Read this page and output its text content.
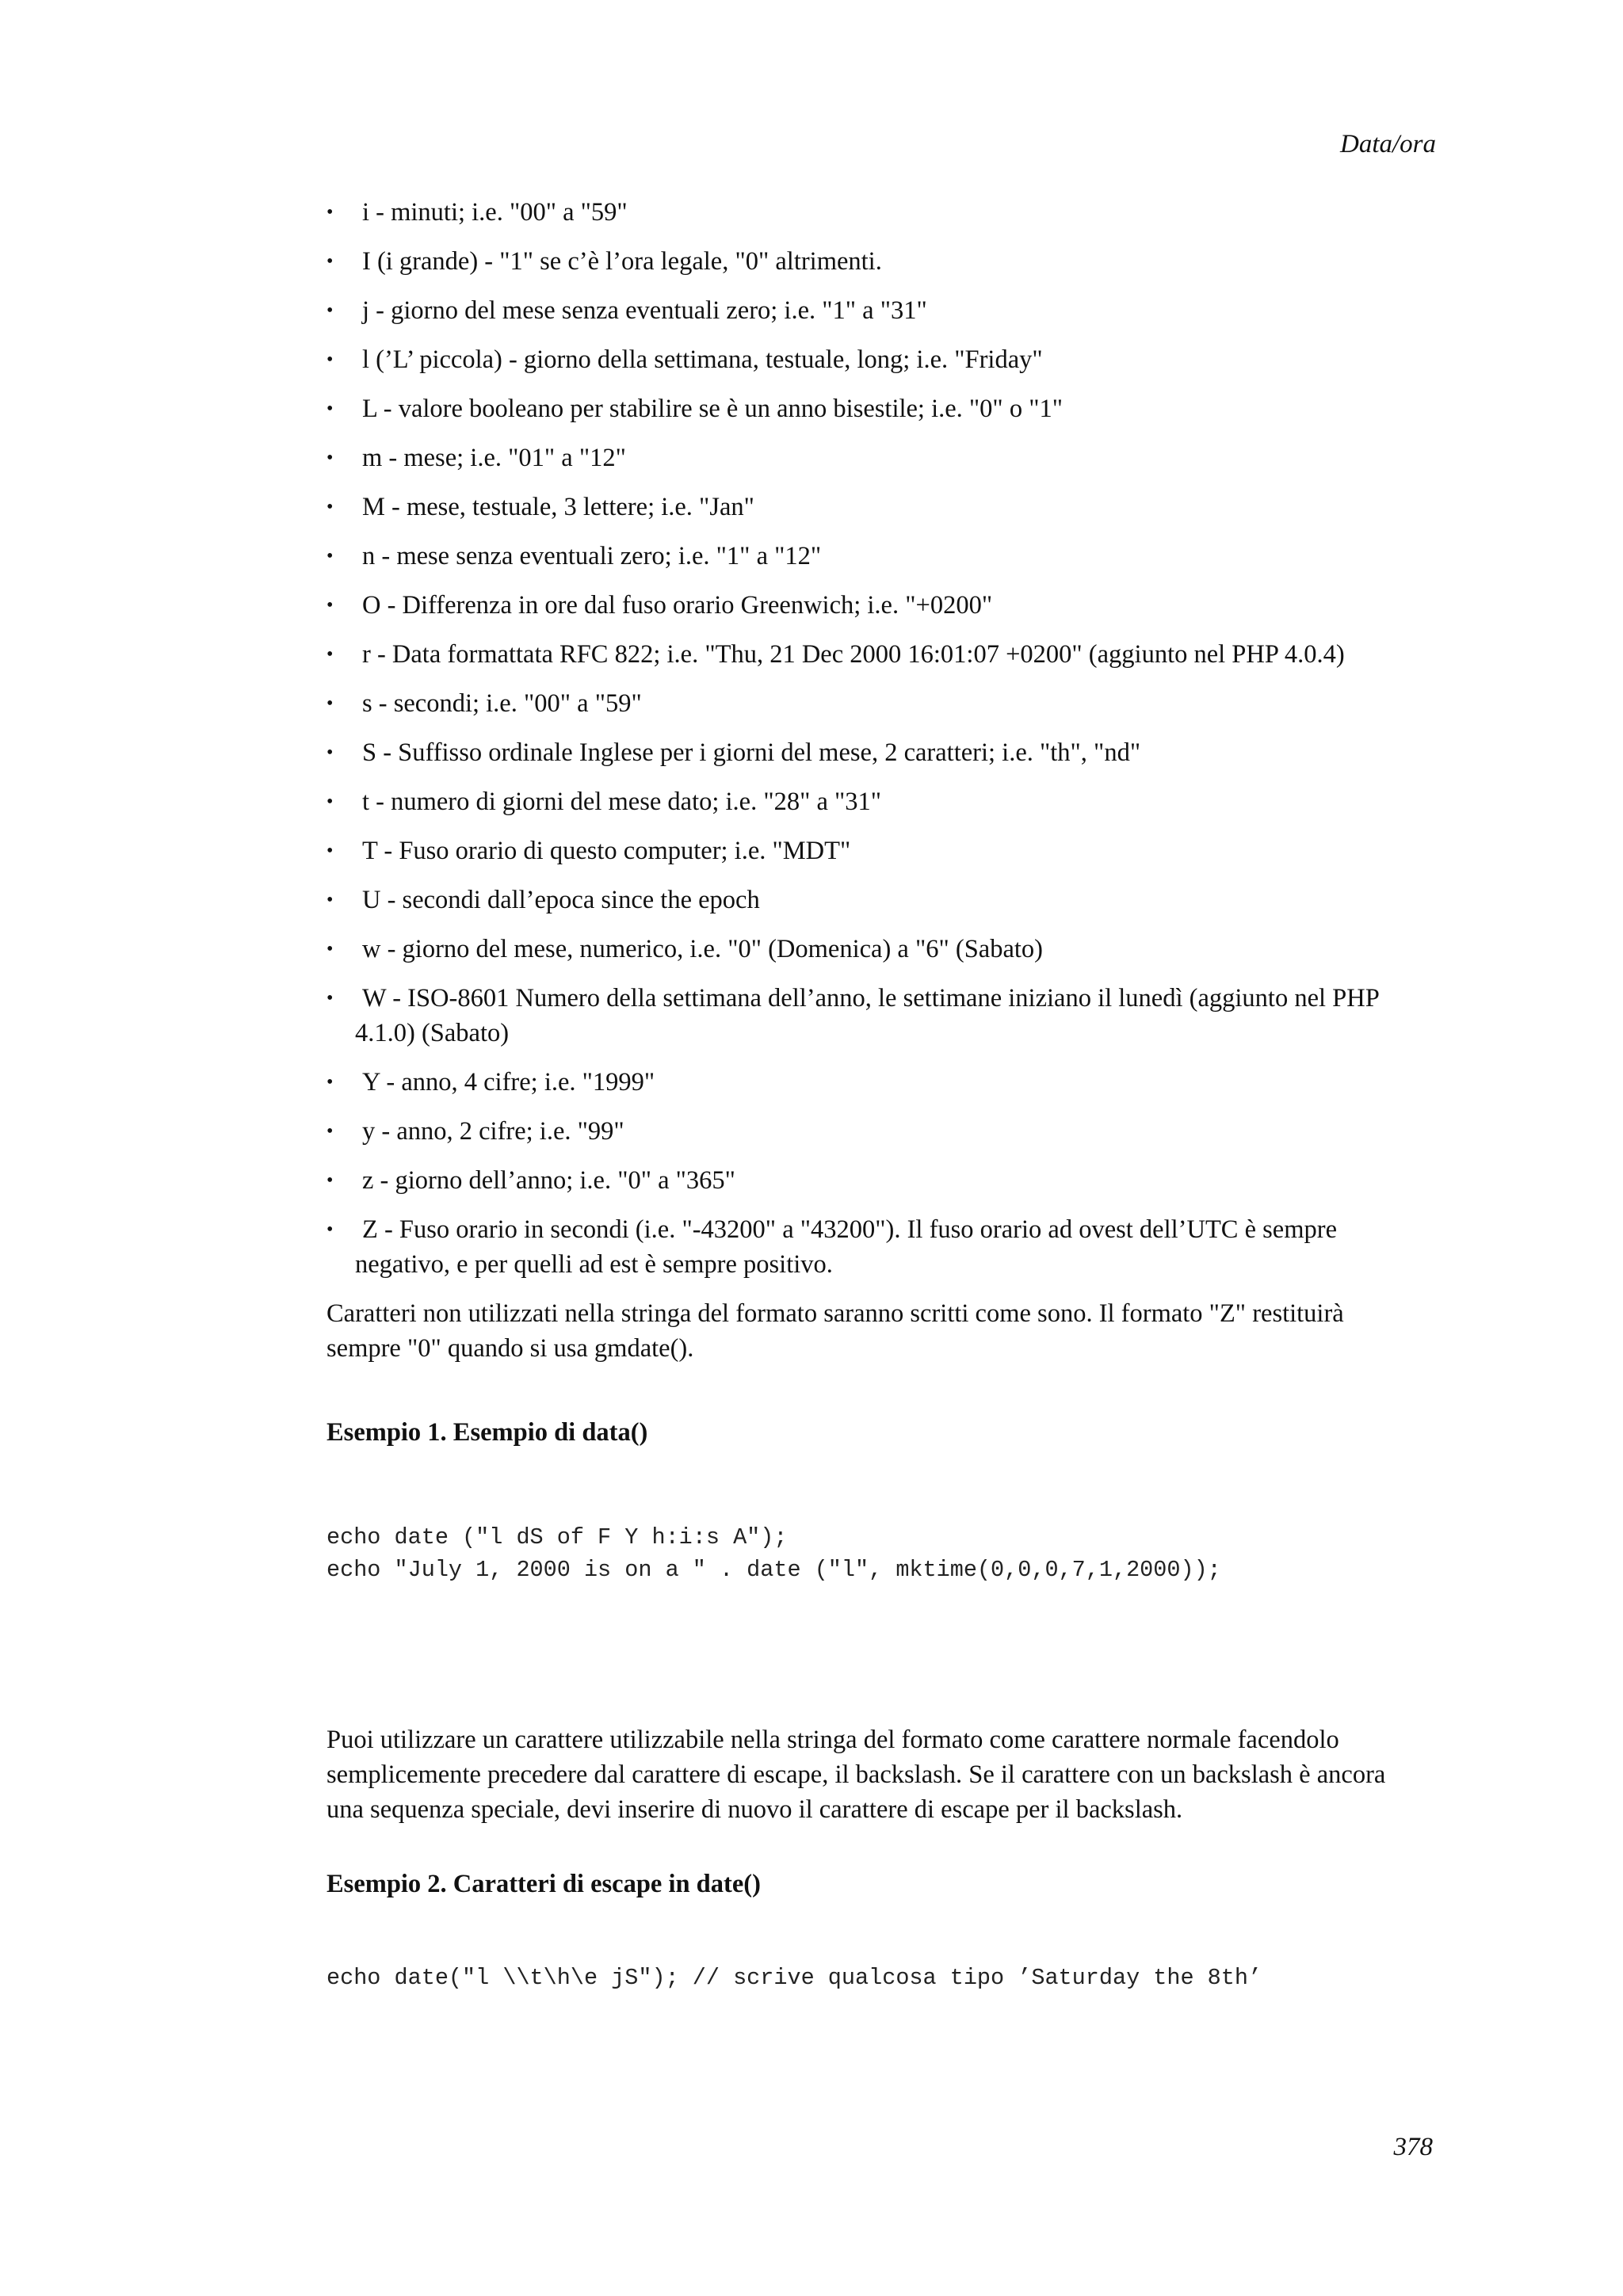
Data/ora
• i - minuti; i.e. "00" a "59"
• I (i grande) - "1" se c’è l’ora legale, "0" altrimenti.
• j - giorno del mese senza eventuali zero; i.e. "1" a "31"
• l (’L’ piccola) - giorno della settimana, testuale, long; i.e. "Friday"
• L - valore booleano per stabilire se è un anno bisestile; i.e. "0" o "1"
• m - mese; i.e. "01" a "12"
• M - mese, testuale, 3 lettere; i.e. "Jan"
• n - mese senza eventuali zero; i.e. "1" a "12"
• O - Differenza in ore dal fuso orario Greenwich; i.e. "+0200"
• r - Data formattata RFC 822; i.e. "Thu, 21 Dec 2000 16:01:07 +0200" (aggiunto nel PHP 4.0.4)
• s - secondi; i.e. "00" a "59"
• S - Suffisso ordinale Inglese per i giorni del mese, 2 caratteri; i.e. "th", "nd"
• t - numero di giorni del mese dato; i.e. "28" a "31"
• T - Fuso orario di questo computer; i.e. "MDT"
• U - secondi dall’epoca since the epoch
• w - giorno del mese, numerico, i.e. "0" (Domenica) a "6" (Sabato)
• W - ISO-8601 Numero della settimana dell’anno, le settimane iniziano il lunedì (aggiunto nel PHP 4.1.0) (Sabato)
• Y - anno, 4 cifre; i.e. "1999"
• y - anno, 2 cifre; i.e. "99"
• z - giorno dell’anno; i.e. "0" a "365"
• Z - Fuso orario in secondi (i.e. "-43200" a "43200"). Il fuso orario ad ovest dell’UTC è sempre negativo, e per quelli ad est è sempre positivo.

Caratteri non utilizzati nella stringa del formato saranno scritti come sono. Il formato "Z" restituirà sempre "0" quando si usa gmdate().

Esempio 1. Esempio di data()

echo date ("l dS of F Y h:i:s A");
echo "July 1, 2000 is on a " . date ("l", mktime(0,0,0,7,1,2000));

Puoi utilizzare un carattere utilizzabile nella stringa del formato come carattere normale facendolo semplicemente precedere dal carattere di escape, il backslash. Se il carattere con un backslash è ancora una sequenza speciale, devi inserire di nuovo il carattere di escape per il backslash.

Esempio 2. Caratteri di escape in date()

echo date("l \\t\h\e jS"); // scrive qualcosa tipo ’Saturday the 8th’
378
